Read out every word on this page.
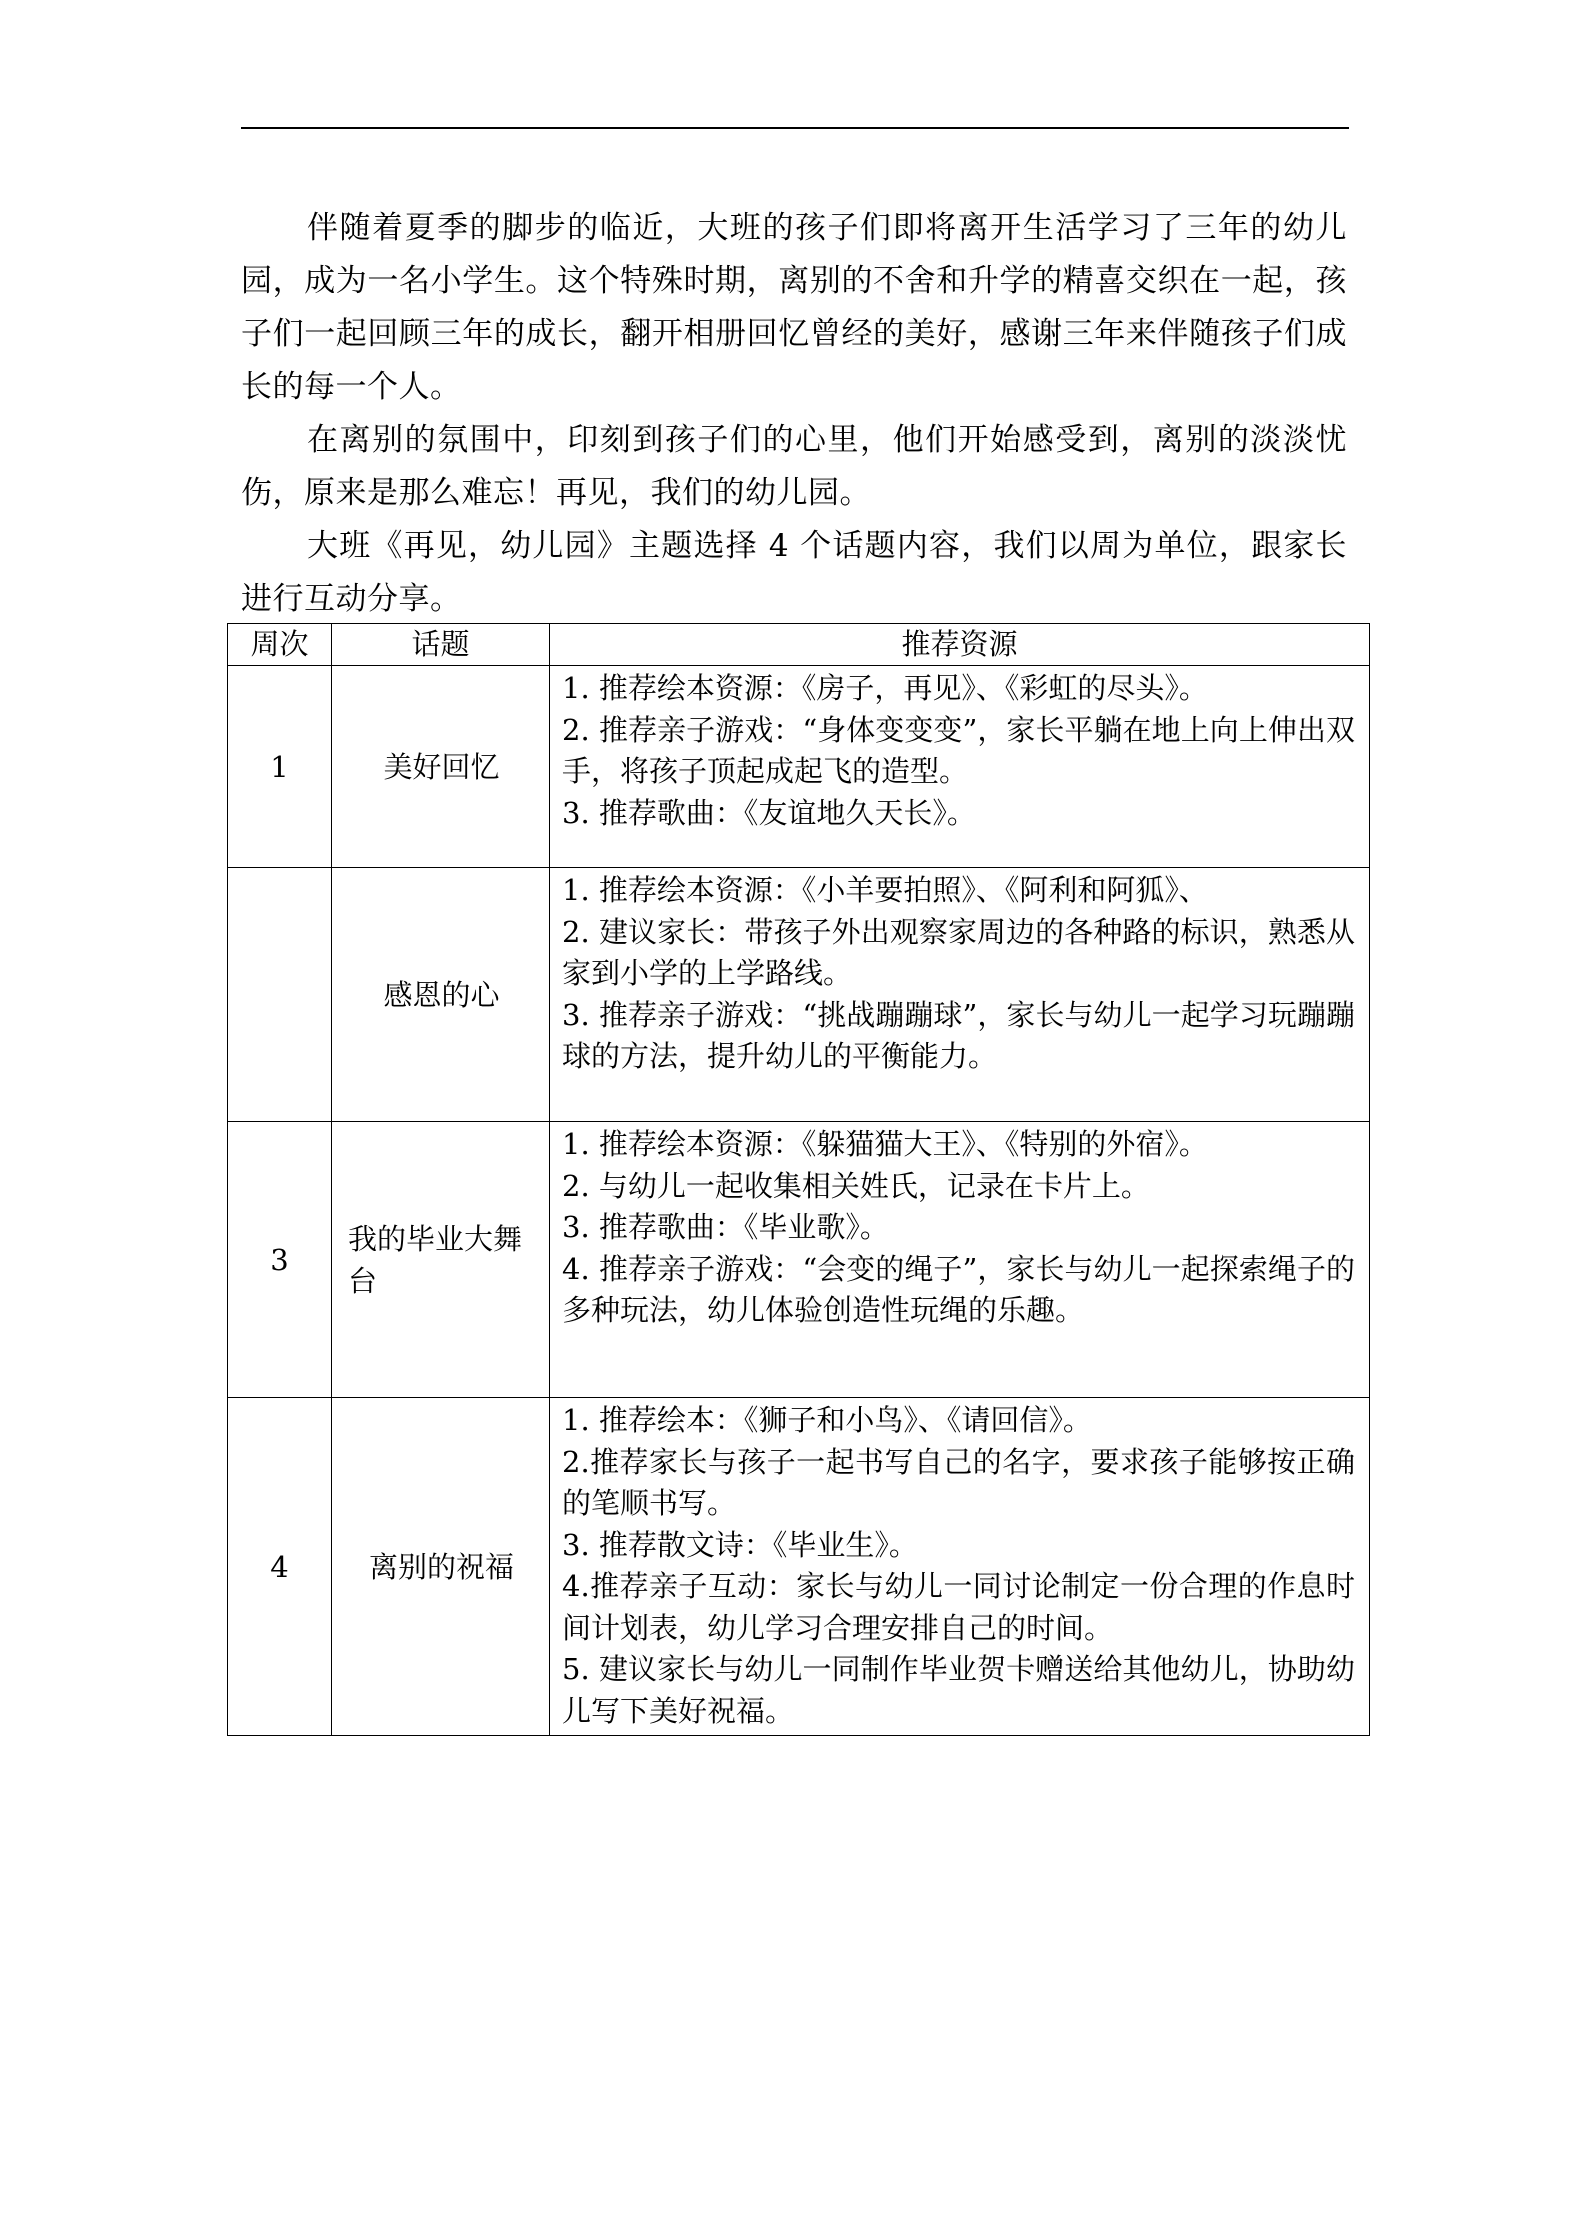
伴随着夏季的脚步的临近，大班的孩子们即将离开生活学习了三年的幼儿园，成为一名小学生。这个特殊时期，离别的不舍和升学的精喜交织在一起，孩子们一起回顾三年的成长，翻开相册回忆曾经的美好，感谢三年来伴随孩子们成长的每一个人。

在离别的氛围中，印刻到孩子们的心里，他们开始感受到，离别的淡淡忧伤，原来是那么难忘！再见，我们的幼儿园。

大班《再见，幼儿园》主题选择 4 个话题内容，我们以周为单位，跟家长进行互动分享。

周次	话题	推荐资源
1	美好回忆	1. 推荐绘本资源：《房子，再见》、《彩虹的尽头》。
2. 推荐亲子游戏：“身体变变变”，家长平躺在地上向上伸出双手，将孩子顶起成起飞的造型。
3. 推荐歌曲：《友谊地久天长》。

	感恩的心	1. 推荐绘本资源：《小羊要拍照》、《阿利和阿狐》、
2. 建议家长：带孩子外出观察家周边的各种路的标识，熟悉从家到小学的上学路线。
3. 推荐亲子游戏：“挑战蹦蹦球”，家长与幼儿一起学习玩蹦蹦球的方法，提升幼儿的平衡能力。

3	我的毕业大舞台	1. 推荐绘本资源：《躲猫猫大王》、《特别的外宿》。
2. 与幼儿一起收集相关姓氏，记录在卡片上。
3. 推荐歌曲：《毕业歌》。
4. 推荐亲子游戏：“会变的绳子”，家长与幼儿一起探索绳子的多种玩法，幼儿体验创造性玩绳的乐趣。

4	离别的祝福	1. 推荐绘本：《狮子和小鸟》、《请回信》。
2.推荐家长与孩子一起书写自己的名字，要求孩子能够按正确的笔顺书写。
3. 推荐散文诗：《毕业生》。
4.推荐亲子互动：家长与幼儿一同讨论制定一份合理的作息时间计划表，幼儿学习合理安排自己的时间。
5. 建议家长与幼儿一同制作毕业贺卡赠送给其他幼儿，协助幼儿写下美好祝福。
